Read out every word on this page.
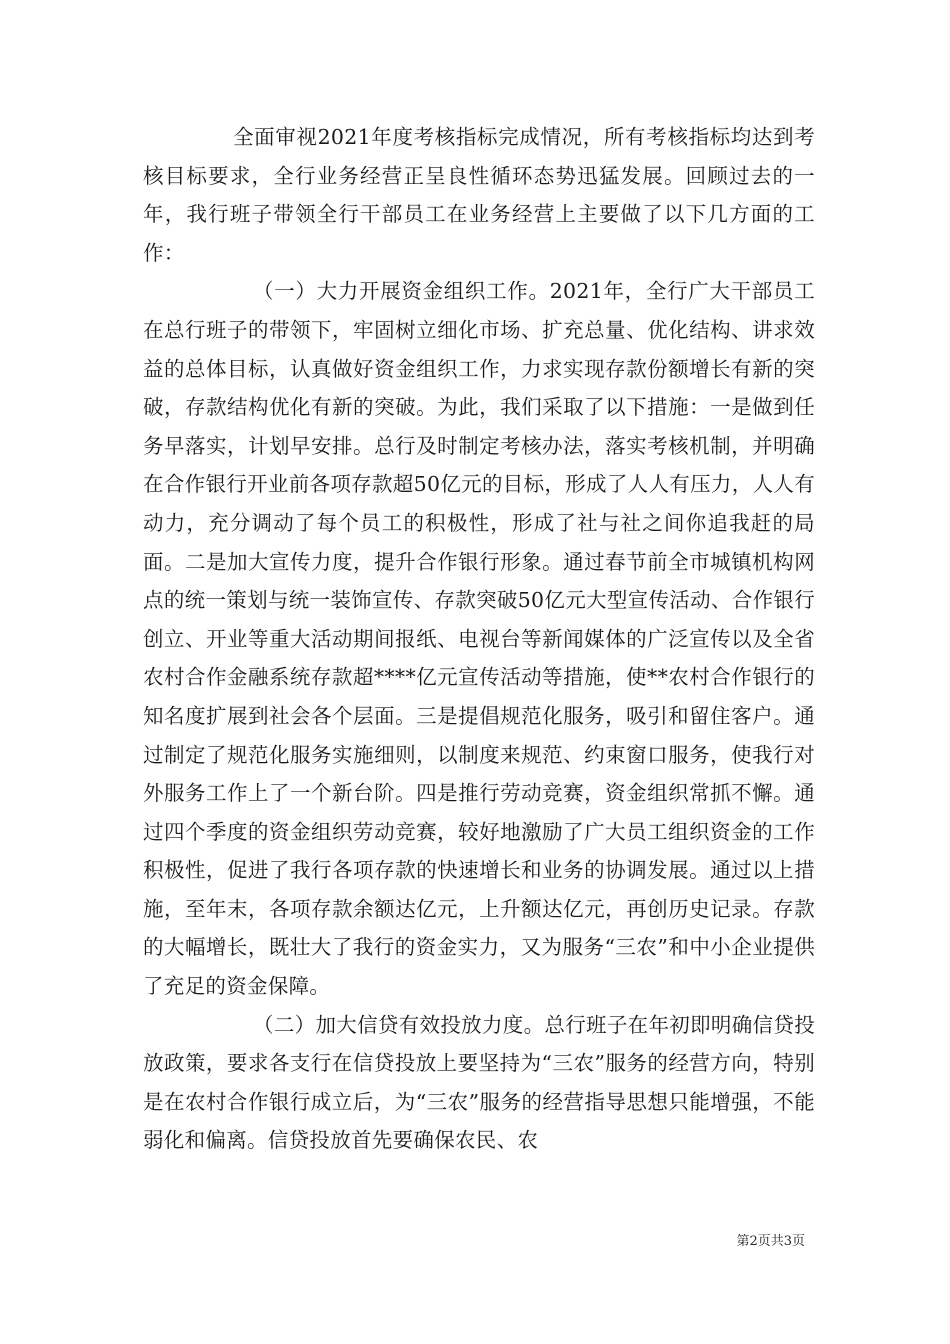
全面审视2021年度考核指标完成情况，所有考核指标均达到考核目标要求，全行业务经营正呈良性循环态势迅猛发展。回顾过去的一年，我行班子带领全行干部员工在业务经营上主要做了以下几方面的工作：

（一）大力开展资金组织工作。2021年，全行广大干部员工在总行班子的带领下，牢固树立细化市场、扩充总量、优化结构、讲求效益的总体目标，认真做好资金组织工作，力求实现存款份额增长有新的突破，存款结构优化有新的突破。为此，我们采取了以下措施：一是做到任务早落实，计划早安排。总行及时制定考核办法，落实考核机制，并明确在合作银行开业前各项存款超50亿元的目标，形成了人人有压力，人人有动力，充分调动了每个员工的积极性，形成了社与社之间你追我赶的局面。二是加大宣传力度，提升合作银行形象。通过春节前全市城镇机构网点的统一策划与统一装饰宣传、存款突破50亿元大型宣传活动、合作银行创立、开业等重大活动期间报纸、电视台等新闻媒体的广泛宣传以及全省农村合作金融系统存款超****亿元宣传活动等措施，使**农村合作银行的知名度扩展到社会各个层面。三是提倡规范化服务，吸引和留住客户。通过制定了规范化服务实施细则，以制度来规范、约束窗口服务，使我行对外服务工作上了一个新台阶。四是推行劳动竞赛，资金组织常抓不懈。通过四个季度的资金组织劳动竞赛，较好地激励了广大员工组织资金的工作积极性，促进了我行各项存款的快速增长和业务的协调发展。通过以上措施，至年末，各项存款余额达亿元，上升额达亿元，再创历史记录。存款的大幅增长，既壮大了我行的资金实力，又为服务“三农”和中小企业提供了充足的资金保障。

（二）加大信贷有效投放力度。总行班子在年初即明确信贷投放政策，要求各支行在信贷投放上要坚持为“三农”服务的经营方向，特别是在农村合作银行成立后，为“三农”服务的经营指导思想只能增强，不能弱化和偏离。信贷投放首先要确保农民、农

第2页共3页
